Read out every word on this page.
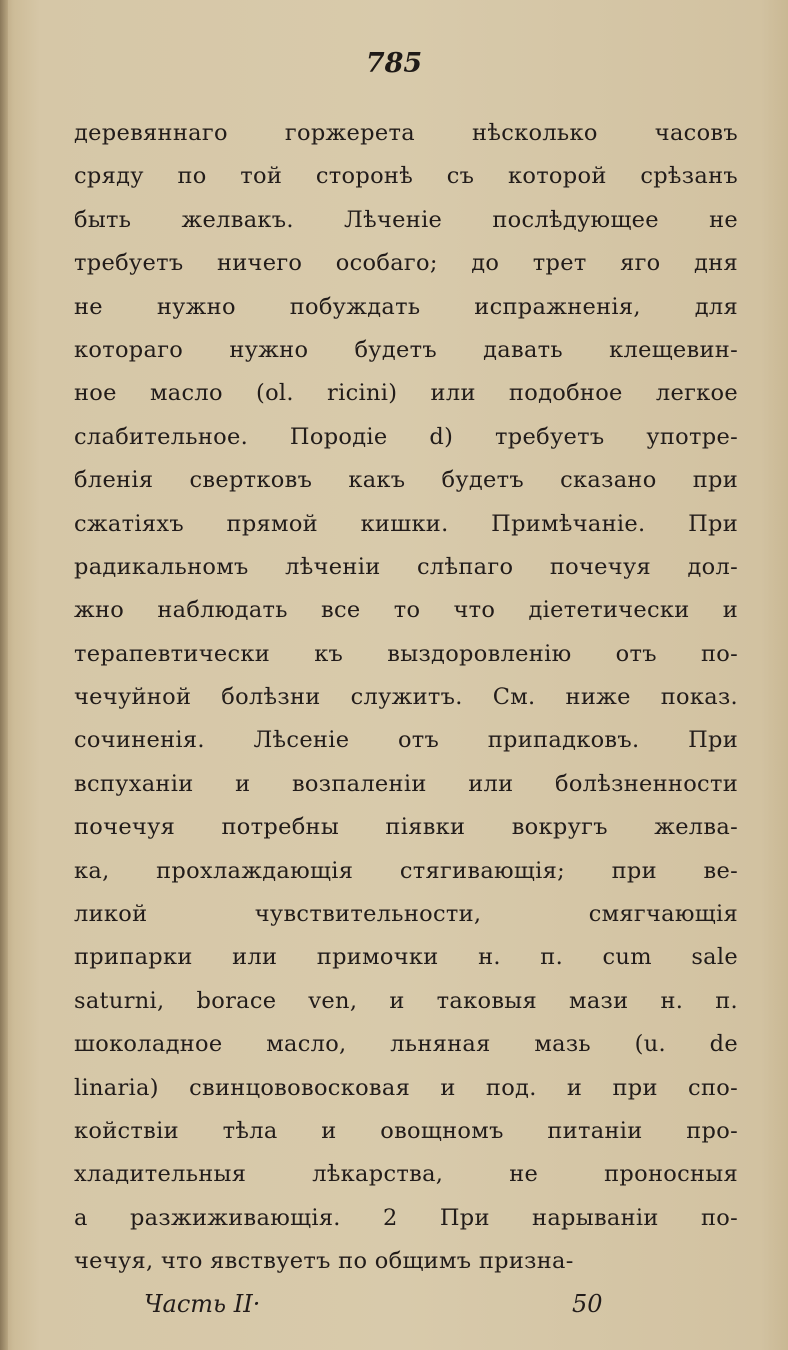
785
деревяннаго горжерета нѣсколько часовъ
сряду по той сторонѣ съ которой срѣзанъ
быть желвакъ. Лѣченіе послѣдующее не
требуетъ ничего особаго; до трет яго дня
не нужно побуждать испражненія, для
котораго нужно будетъ давать клещевин-
ное масло (ol. ricini) или подобное легкое
слабительное. Породіе d) требуетъ употре-
бленія свертковъ какъ будетъ сказано при
сжатіяхъ прямой кишки. Примѣчаніе. При
радикальномъ лѣченіи слѣпаго почечуя дол-
жно наблюдать все то что діететически и
терапевтически къ выздоровленію отъ по-
чечуйной болѣзни служитъ. См. ниже показ.
сочиненія. Лѣсеніе отъ припадковъ. При
вспуханіи и возпаленіи или болѣзненности
почечуя потребны піявки вокругъ желва-
ка, прохлаждающія стягивающія; при ве-
ликой чувствительности, смягчающія
припарки или примочки н. п. cum sale
saturni, borace ven, и таковыя мази н. п.
шоколадное масло, льняная мазь (u. de
linaria) свинцововосковая и под. и при спо-
койствіи тѣла и овощномъ питаніи про-
хладительныя лѣкарства, не проносныя
а разжиживающія. 2 При нарываніи по-
чечуя, что явствуетъ по общимъ призна-
Часть II·	50
